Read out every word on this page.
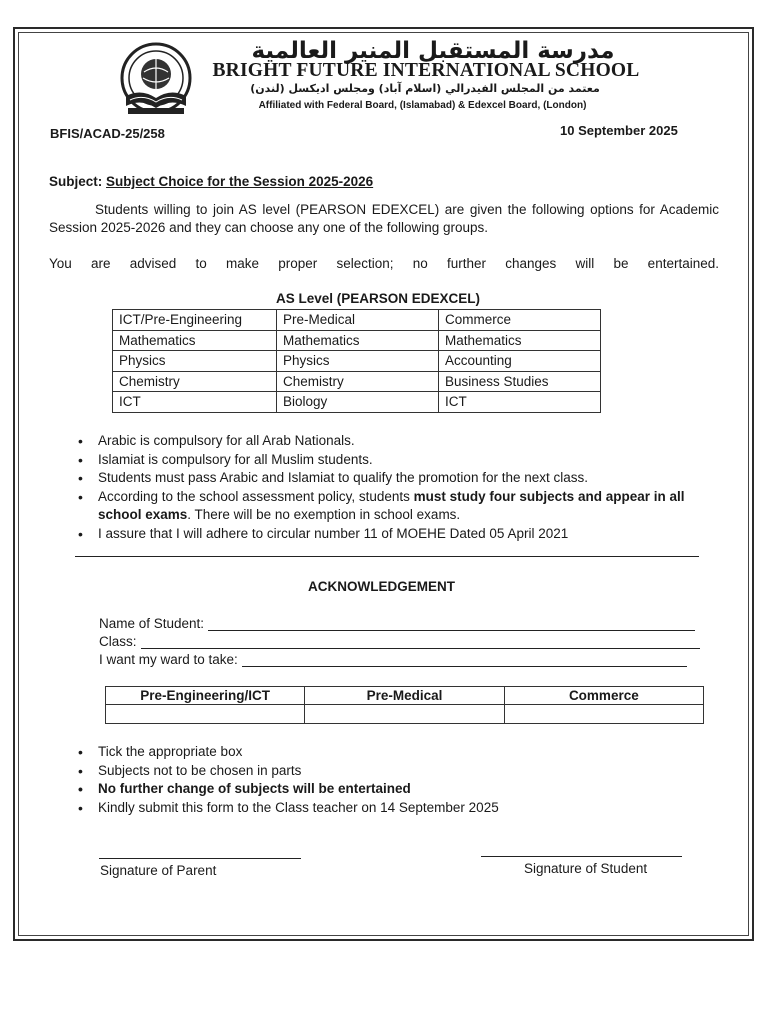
مدرسة المستقبل المنير العالمية
BRIGHT FUTURE INTERNATIONAL SCHOOL
معتمد من المجلس الفيدرالي (اسلام آباد) ومجلس اديكسل (لندن)
Affiliated with Federal Board, (Islamabad) & Edexcel Board, (London)
BFIS/ACAD-25/258	10 September 2025
Subject: Subject Choice for the Session 2025-2026
Students willing to join AS level (PEARSON EDEXCEL) are given the following options for Academic Session 2025-2026 and they can choose any one of the following groups.
You are advised to make proper selection; no further changes will be entertained.
AS Level (PEARSON EDEXCEL)
ICT/Pre-Engineering	Pre-Medical	Commerce
Mathematics	Mathematics	Mathematics
Physics	Physics	Accounting
Chemistry	Chemistry	Business Studies
ICT	Biology	ICT
• Arabic is compulsory for all Arab Nationals.
• Islamiat is compulsory for all Muslim students.
• Students must pass Arabic and Islamiat to qualify the promotion for the next class.
• According to the school assessment policy, students must study four subjects and appear in all school exams. There will be no exemption in school exams.
• I assure that I will adhere to circular number 11 of MOEHE Dated 05 April 2021
ACKNOWLEDGEMENT
Name of Student:
Class:
I want my ward to take:
Pre-Engineering/ICT	Pre-Medical	Commerce

• Tick the appropriate box
• Subjects not to be chosen in parts
• No further change of subjects will be entertained
• Kindly submit this form to the Class teacher on 14 September 2025
Signature of Parent	Signature of Student
